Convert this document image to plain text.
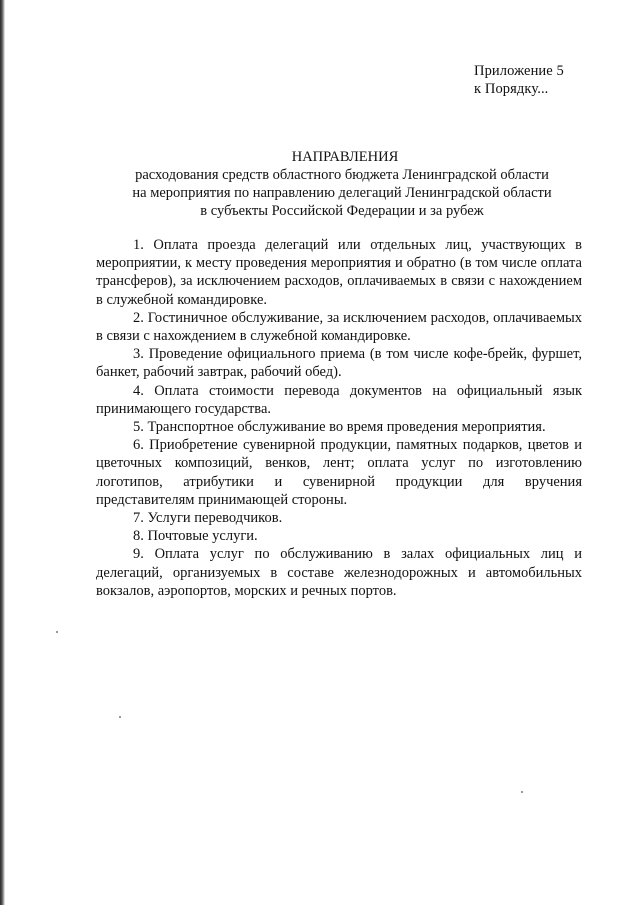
Приложение 5
к Порядку...
НАПРАВЛЕНИЯ
расходования средств областного бюджета Ленинградской области
на мероприятия по направлению делегаций Ленинградской области
в субъекты Российской Федерации и за рубеж

1. Оплата проезда делегаций или отдельных лиц, участвующих в мероприятии, к месту проведения мероприятия и обратно (в том числе оплата трансферов), за исключением расходов, оплачиваемых в связи с нахождением в служебной командировке.

2. Гостиничное обслуживание, за исключением расходов, оплачиваемых в связи с нахождением в служебной командировке.

3. Проведение официального приема (в том числе кофе-брейк, фуршет, банкет, рабочий завтрак, рабочий обед).

4. Оплата стоимости перевода документов на официальный язык принимающего государства.

5. Транспортное обслуживание во время проведения мероприятия.

6. Приобретение сувенирной продукции, памятных подарков, цветов и цветочных композиций, венков, лент; оплата услуг по изготовлению логотипов, атрибутики и сувенирной продукции для вручения представителям принимающей стороны.

7. Услуги переводчиков.

8. Почтовые услуги.

9. Оплата услуг по обслуживанию в залах официальных лиц и делегаций, организуемых в составе железнодорожных и автомобильных вокзалов, аэропортов, морских и речных портов.
